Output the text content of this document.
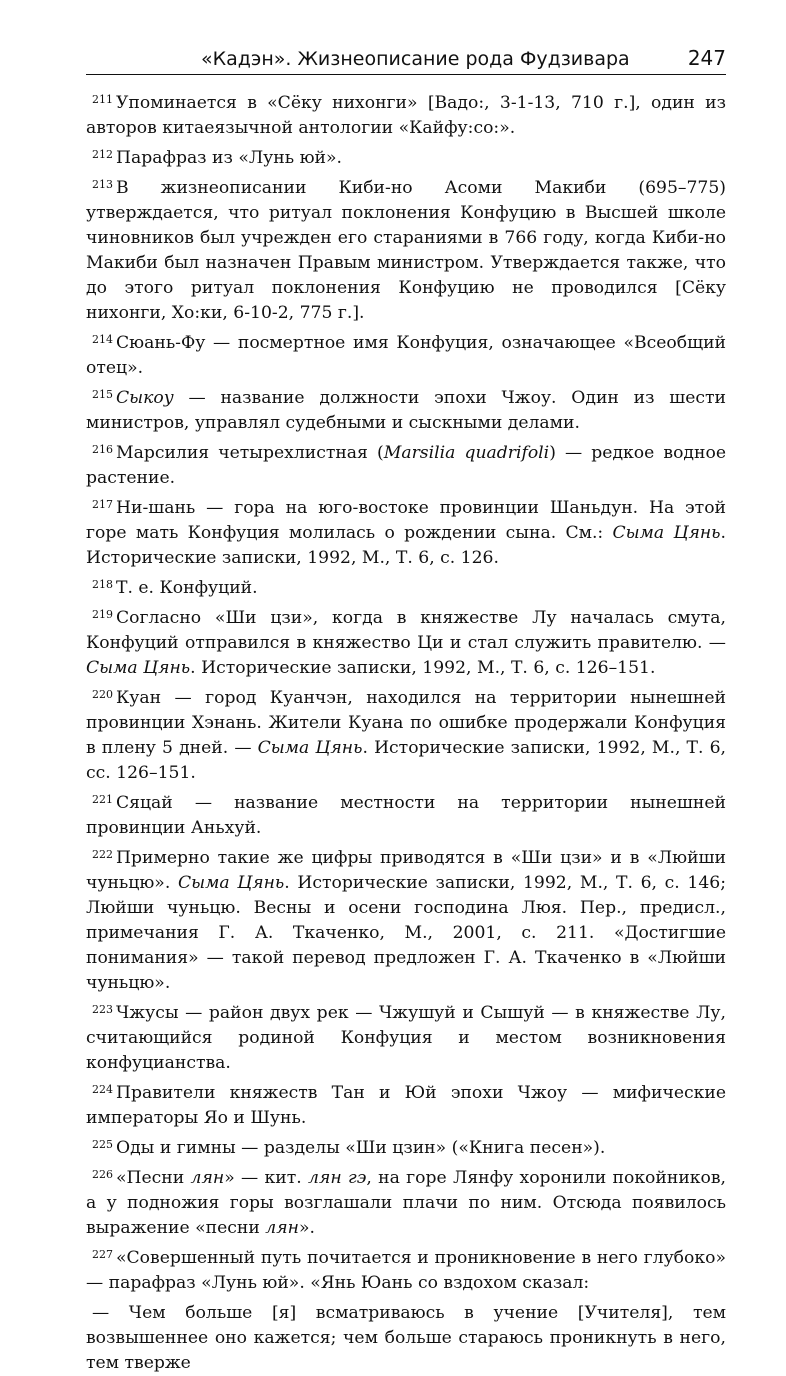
«Кадэн». Жизнеописание рода Фудзивара	247

$^{211}$ Упоминается в «Сёку нихонги» [Вадо:, 3-1-13, 710 г.], один из авторов китаеязычной антологии «Кайфу:со:».

$^{212}$ Парафраз из «Лунь юй».

$^{213}$ В жизнеописании Киби-но Асоми Макиби (695–775) утверждается, что ритуал поклонения Конфуцию в Высшей школе чиновников был учрежден его стараниями в 766 году, когда Киби-но Макиби был назначен Правым министром. Утверждается также, что до этого ритуал поклонения Конфуцию не проводился [Сёку нихонги, Хо:ки, 6-10-2, 775 г.].

$^{214}$ Сюань-Фу — посмертное имя Конфуция, означающее «Всеобщий отец».

$^{215}$ Сыкоу — название должности эпохи Чжоу. Один из шести министров, управлял судебными и сыскными делами.

$^{216}$ Марсилия четырехлистная (Marsilia quadrifoli) — редкое водное растение.

$^{217}$ Ни-шань — гора на юго-востоке провинции Шаньдун. На этой горе мать Конфуция молилась о рождении сына. См.: Сыма Цянь. Исторические записки, 1992, М., Т. 6, с. 126.

$^{218}$ Т. е. Конфуций.

$^{219}$ Согласно «Ши цзи», когда в княжестве Лу началась смута, Конфуций отправился в княжество Ци и стал служить правителю. — Сыма Цянь. Исторические записки, 1992, М., Т. 6, с. 126–151.

$^{220}$ Куан — город Куанчэн, находился на территории нынешней провинции Хэнань. Жители Куана по ошибке продержали Конфуция в плену 5 дней. — Сыма Цянь. Исторические записки, 1992, М., Т. 6, сс. 126–151.

$^{221}$ Сяцай — название местности на территории нынешней провинции Аньхуй.

$^{222}$ Примерно такие же цифры приводятся в «Ши цзи» и в «Люйши чуньцю». Сыма Цянь. Исторические записки, 1992, М., Т. 6, с. 146; Люйши чуньцю. Весны и осени господина Люя. Пер., предисл., примечания Г. А. Ткаченко, М., 2001, с. 211. «Достигшие понимания» — такой перевод предложен Г. А. Ткаченко в «Люйши чуньцю».

$^{223}$ Чжусы — район двух рек — Чжушуй и Сышуй — в княжестве Лу, считающийся родиной Конфуция и местом возникновения конфуцианства.

$^{224}$ Правители княжеств Тан и Юй эпохи Чжоу — мифические императоры Яо и Шунь.

$^{225}$ Оды и гимны — разделы «Ши цзин» («Книга песен»).

$^{226}$ «Песни лян» — кит. лян гэ, на горе Лянфу хоронили покойников, а у подножия горы возглашали плачи по ним. Отсюда появилось выражение «песни лян».

$^{227}$ «Совершенный путь почитается и проникновение в него глубоко» — парафраз «Лунь юй». «Янь Юань со вздохом сказал:

— Чем больше [я] всматриваюсь в учение [Учителя], тем возвышеннее оно кажется; чем больше стараюсь проникнуть в него, тем тверже
